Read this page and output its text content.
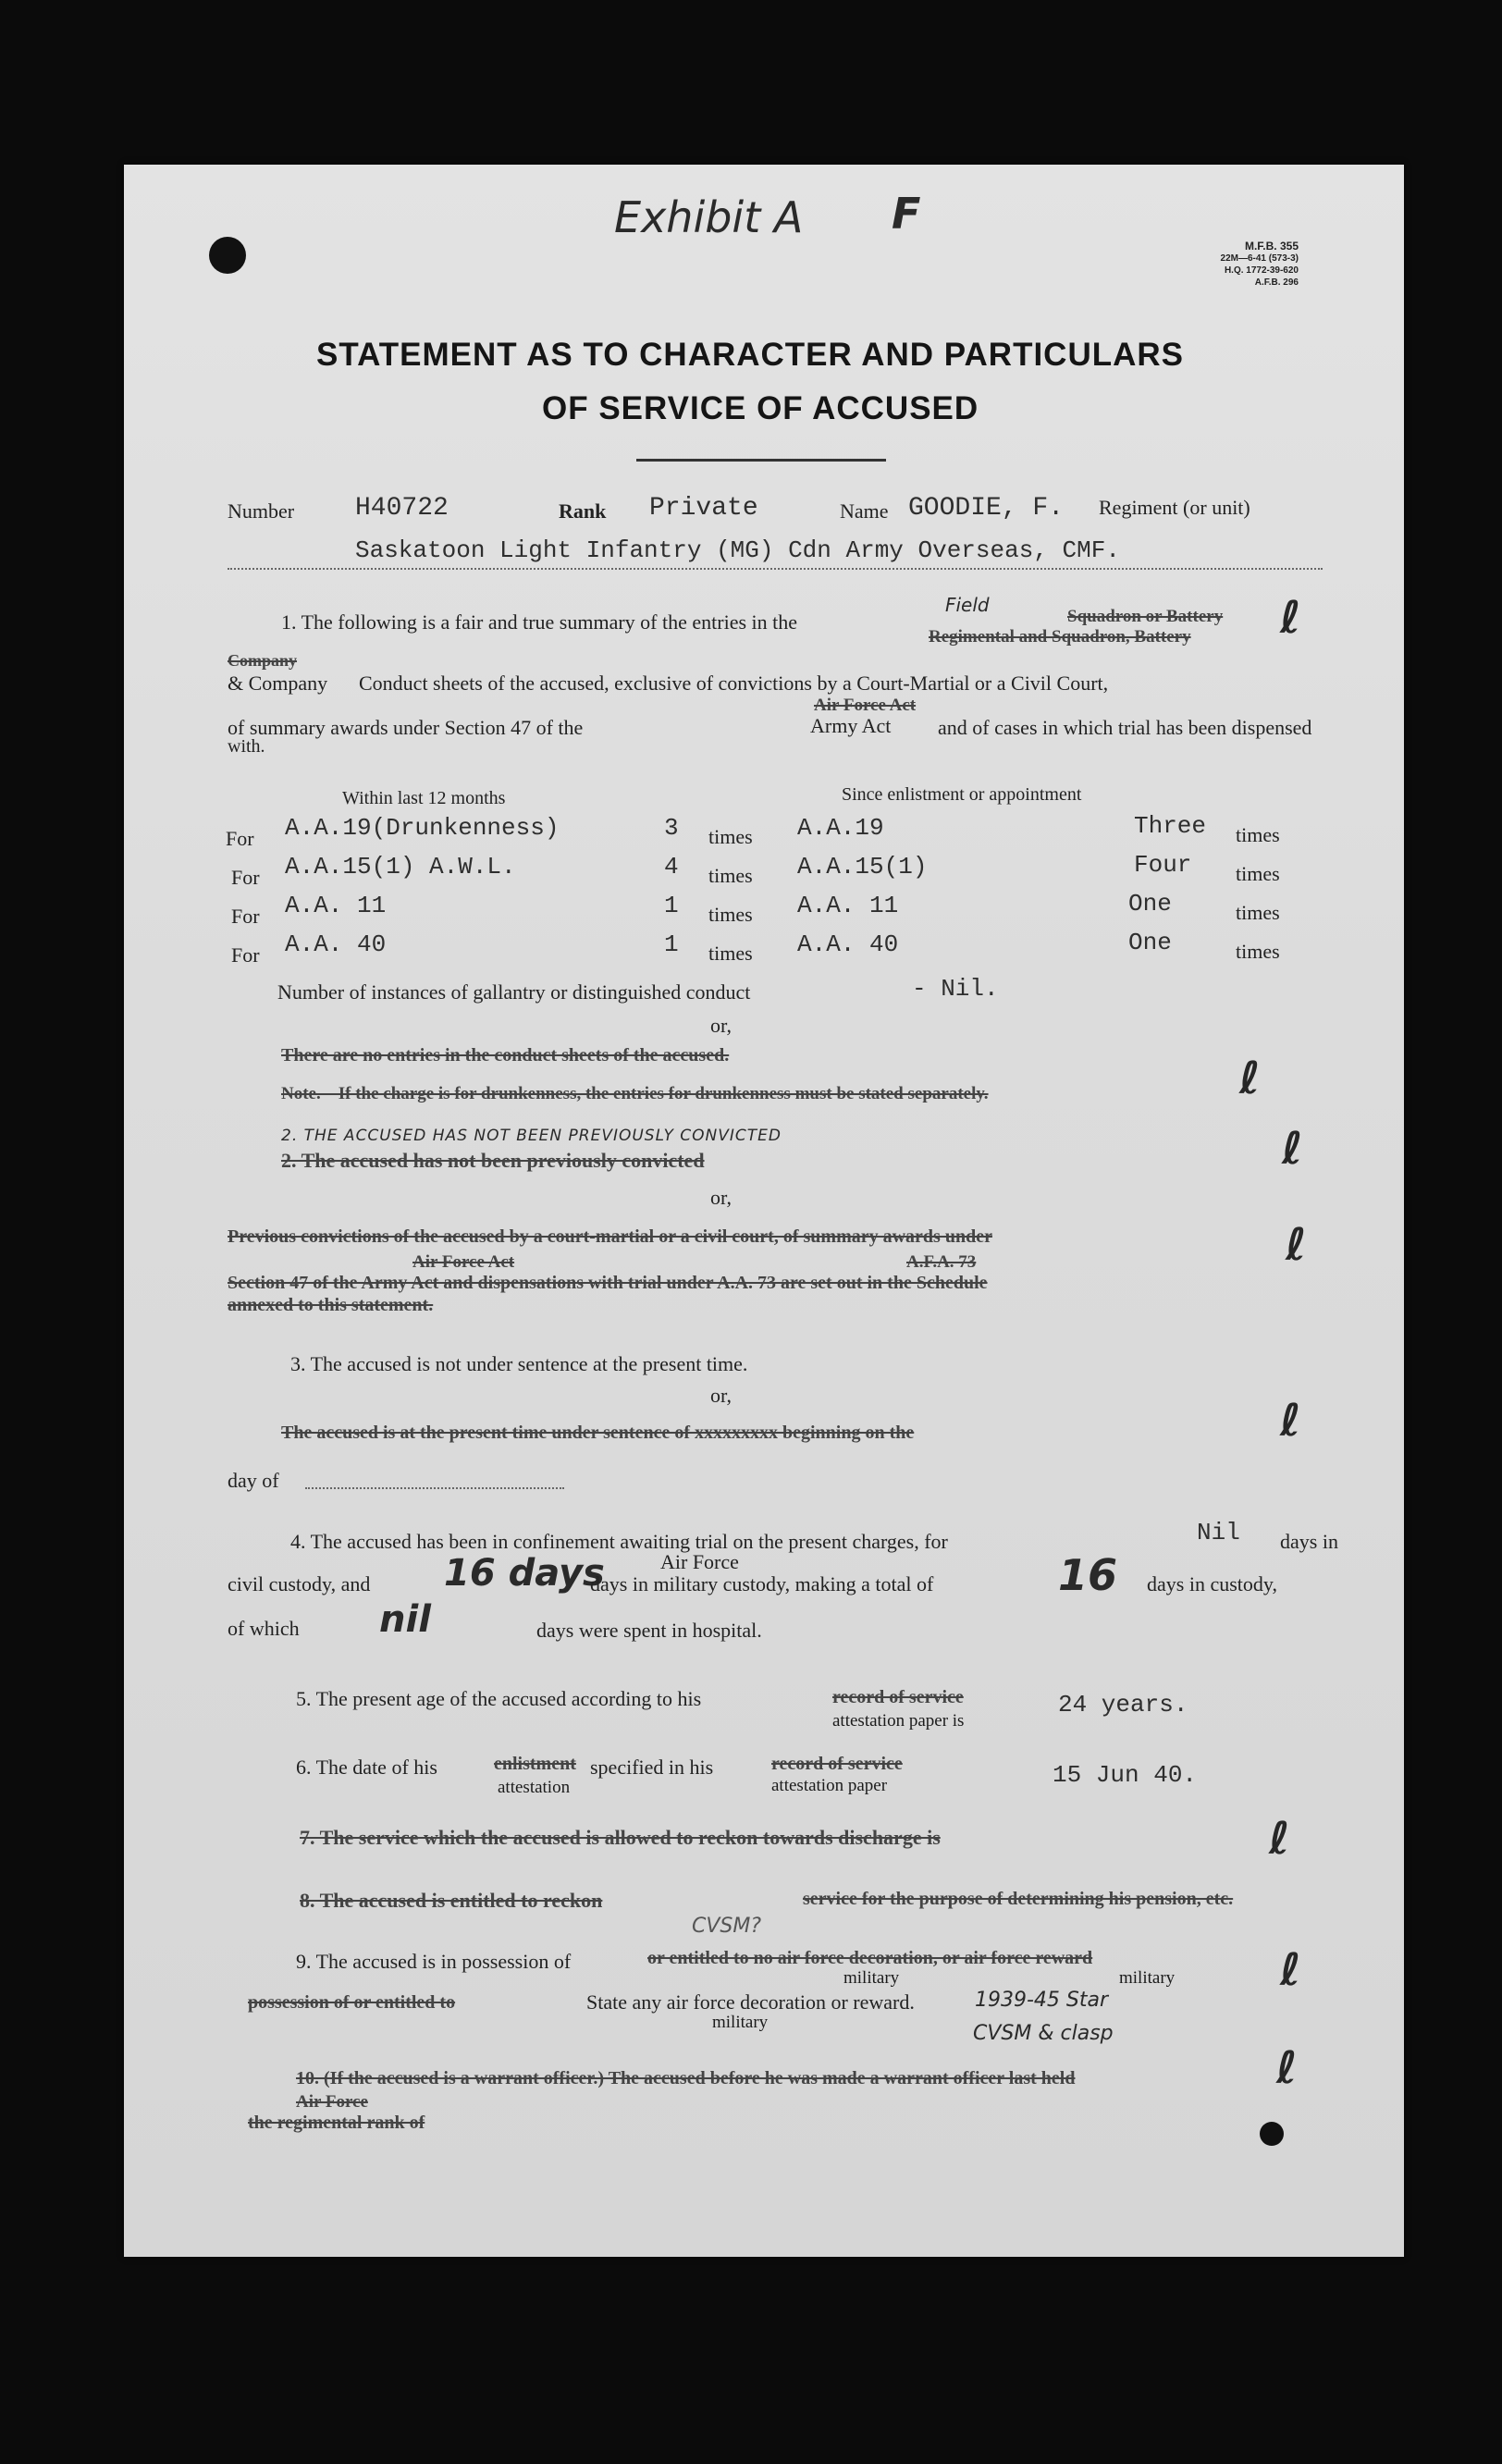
Exhibit A F
M.F.B. 355
22M—6-41 (573-3)
H.Q. 1772-39-620
A.F.B. 296
STATEMENT AS TO CHARACTER AND PARTICULARS
OF SERVICE OF ACCUSED
Number H40722	Rank Private	Name GOODIE, F. Regiment (or unit)
Saskatoon Light Infantry (MG) Cdn Army Overseas, CMF.
1. The following is a fair and true summary of the entries in the
Field
Squadron or Battery
Regimental and Squadron, Battery ℓ
Company
& Company Conduct sheets of the accused, exclusive of convictions by a Court-Martial or a Civil Court,
Air Force Act
of summary awards under Section 47 of the	Army Act and of cases in which trial has been dispensed
with.
Within last 12 months	Since enlistment or appointment
For A.A.19(Drunkenness)	3 times A.A.19	Three times
For A.A.15(1) A.W.L.	4 times A.A.15(1)	Four times
For A.A. 11	1 times A.A. 11	One	times
For A.A. 40	1 times A.A. 40	One	times
Number of instances of gallantry or distinguished conduct	- Nil.
or,
There are no entries in the conduct sheets of the accused.
Note.—If the charge is for drunkenness, the entries for drunkenness must be stated separately.	ℓ
2. THE ACCUSED HAS NOT BEEN PREVIOUSLY CONVICTED
2. The accused has not been previously convicted	ℓ
or,
Previous convictions of the accused by a court-martial or a civil court, of summary awards under
Air Force Act	A.F.A. 73
Section 47 of the Army Act and dispensations with trial under A.A. 73 are set out in the Schedule
annexed to this statement.
ℓ
3. The accused is not under sentence at the present time.
or,
The accused is at the present time under sentence of xxxxxxxxx beginning on the
day of
ℓ
4. The accused has been in confinement awaiting trial on the present charges, for	Nil days in
Air Force
civil custody, and 16 days
days in military custody, making a total of	16 days in custody,
of which nil	days were spent in hospital.
5. The present age of the accused according to his	record of service
attestation paper is
24 years.
6. The date of his	enlistment specified in his	record of service
attestation	attestation paper	15 Jun 40.
7. The service which the accused is allowed to reckon towards discharge is	ℓ
8. The accused is entitled to reckon	service for the purpose of determining his pension, etc.
CVSM?
9. The accused is in possession of	or entitled to no air force decoration, or air force reward
military	military
possession of or entitled to	State any air force decoration or reward.
military
1939-45 Star
CVSM & clasp
ℓ
10. (If the accused is a warrant officer.) The accused before he was made a warrant officer last held
Air Force
the regimental rank of
ℓ
